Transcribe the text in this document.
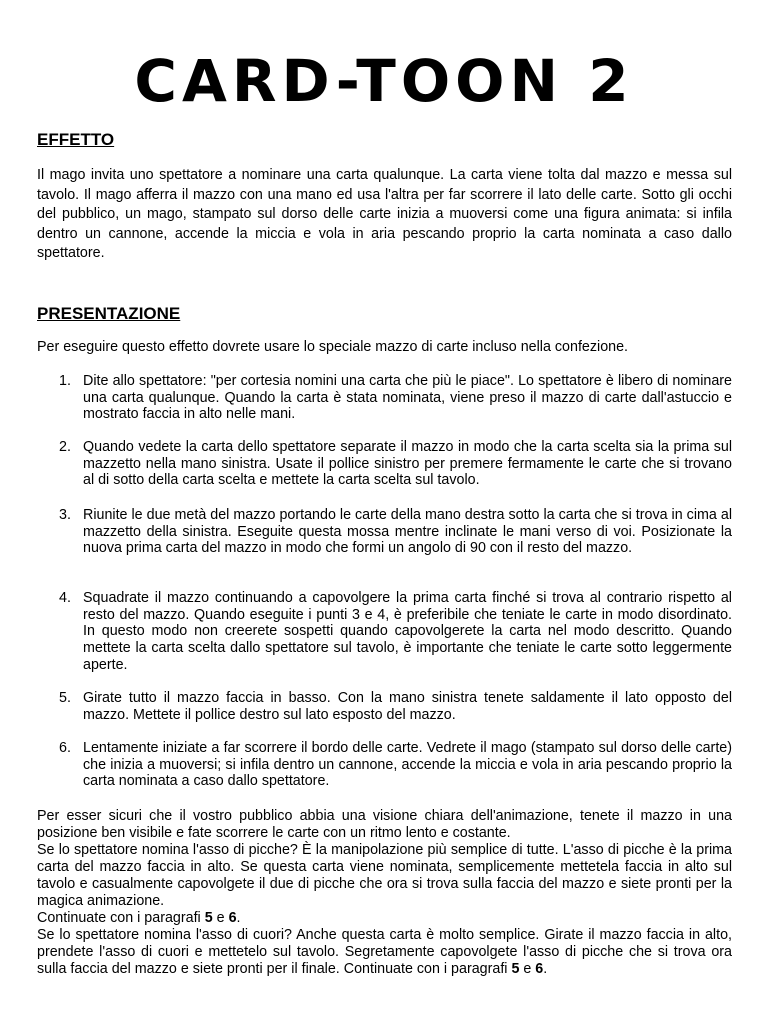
CARD-TOON 2
EFFETTO

Il mago invita uno spettatore a nominare una carta qualunque. La carta viene tolta dal mazzo e messa sul tavolo. Il mago afferra il mazzo con una mano ed usa l'altra per far scorrere il lato delle carte. Sotto gli occhi del pubblico, un mago, stampato sul dorso delle carte inizia a muoversi come una figura animata: si infila dentro un cannone, accende la miccia e vola in aria pescando proprio la carta nominata a caso dallo spettatore.

PRESENTAZIONE

Per eseguire questo effetto dovrete usare lo speciale mazzo di carte incluso nella confezione.

1. Dite allo spettatore: "per cortesia nomini una carta che più le piace". Lo spettatore è libero di nominare una carta qualunque. Quando la carta è stata nominata, viene preso il mazzo di carte dall'astuccio e mostrato faccia in alto nelle mani.
2. Quando vedete la carta dello spettatore separate il mazzo in modo che la carta scelta sia la prima sul mazzetto nella mano sinistra. Usate il pollice sinistro per premere fermamente le carte che si trovano al di sotto della carta scelta e mettete la carta scelta sul tavolo.
3. Riunite le due metà del mazzo portando le carte della mano destra sotto la carta che si trova in cima al mazzetto della sinistra. Eseguite questa mossa mentre inclinate le mani verso di voi. Posizionate la nuova prima carta del mazzo in modo che formi un angolo di 90 con il resto del mazzo.
4. Squadrate il mazzo continuando a capovolgere la prima carta finché si trova al contrario rispetto al resto del mazzo. Quando eseguite i punti 3 e 4, è preferibile che teniate le carte in modo disordinato. In questo modo non creerete sospetti quando capovolgerete la carta nel modo descritto. Quando mettete la carta scelta dallo spettatore sul tavolo, è importante che teniate le carte sotto leggermente aperte.
5. Girate tutto il mazzo faccia in basso. Con la mano sinistra tenete saldamente il lato opposto del mazzo. Mettete il pollice destro sul lato esposto del mazzo.
6. Lentamente iniziate a far scorrere il bordo delle carte. Vedrete il mago (stampato sul dorso delle carte) che inizia a muoversi; si infila dentro un cannone, accende la miccia e vola in aria pescando proprio la carta nominata a caso dallo spettatore.

Per esser sicuri che il vostro pubblico abbia una visione chiara dell'animazione, tenete il mazzo in una posizione ben visibile e fate scorrere le carte con un ritmo lento e costante.

Se lo spettatore nomina l'asso di picche? È la manipolazione più semplice di tutte. L'asso di picche è la prima carta del mazzo faccia in alto. Se questa carta viene nominata, semplicemente mettetela faccia in alto sul tavolo e casualmente capovolgete il due di picche che ora si trova sulla faccia del mazzo e siete pronti per la magica animazione.

Continuate con i paragrafi 5 e 6.

Se lo spettatore nomina l'asso di cuori? Anche questa carta è molto semplice. Girate il mazzo faccia in alto, prendete l'asso di cuori e mettetelo sul tavolo. Segretamente capovolgete l'asso di picche che si trova ora sulla faccia del mazzo e siete pronti per il finale. Continuate con i paragrafi 5 e 6.
